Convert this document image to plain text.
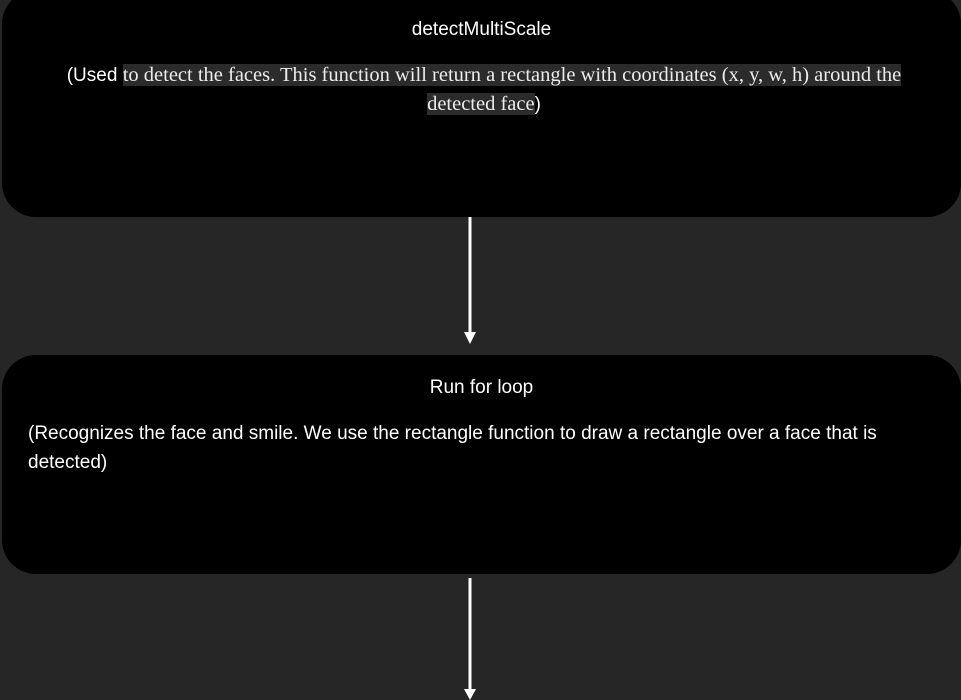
detectMultiScale
(Used to detect the faces. This function will return a rectangle with coordinates (x, y, w, h) around the detected face)
Run for loop
(Recognizes the face and smile. We use the rectangle function to draw a rectangle over a face that is detected)
